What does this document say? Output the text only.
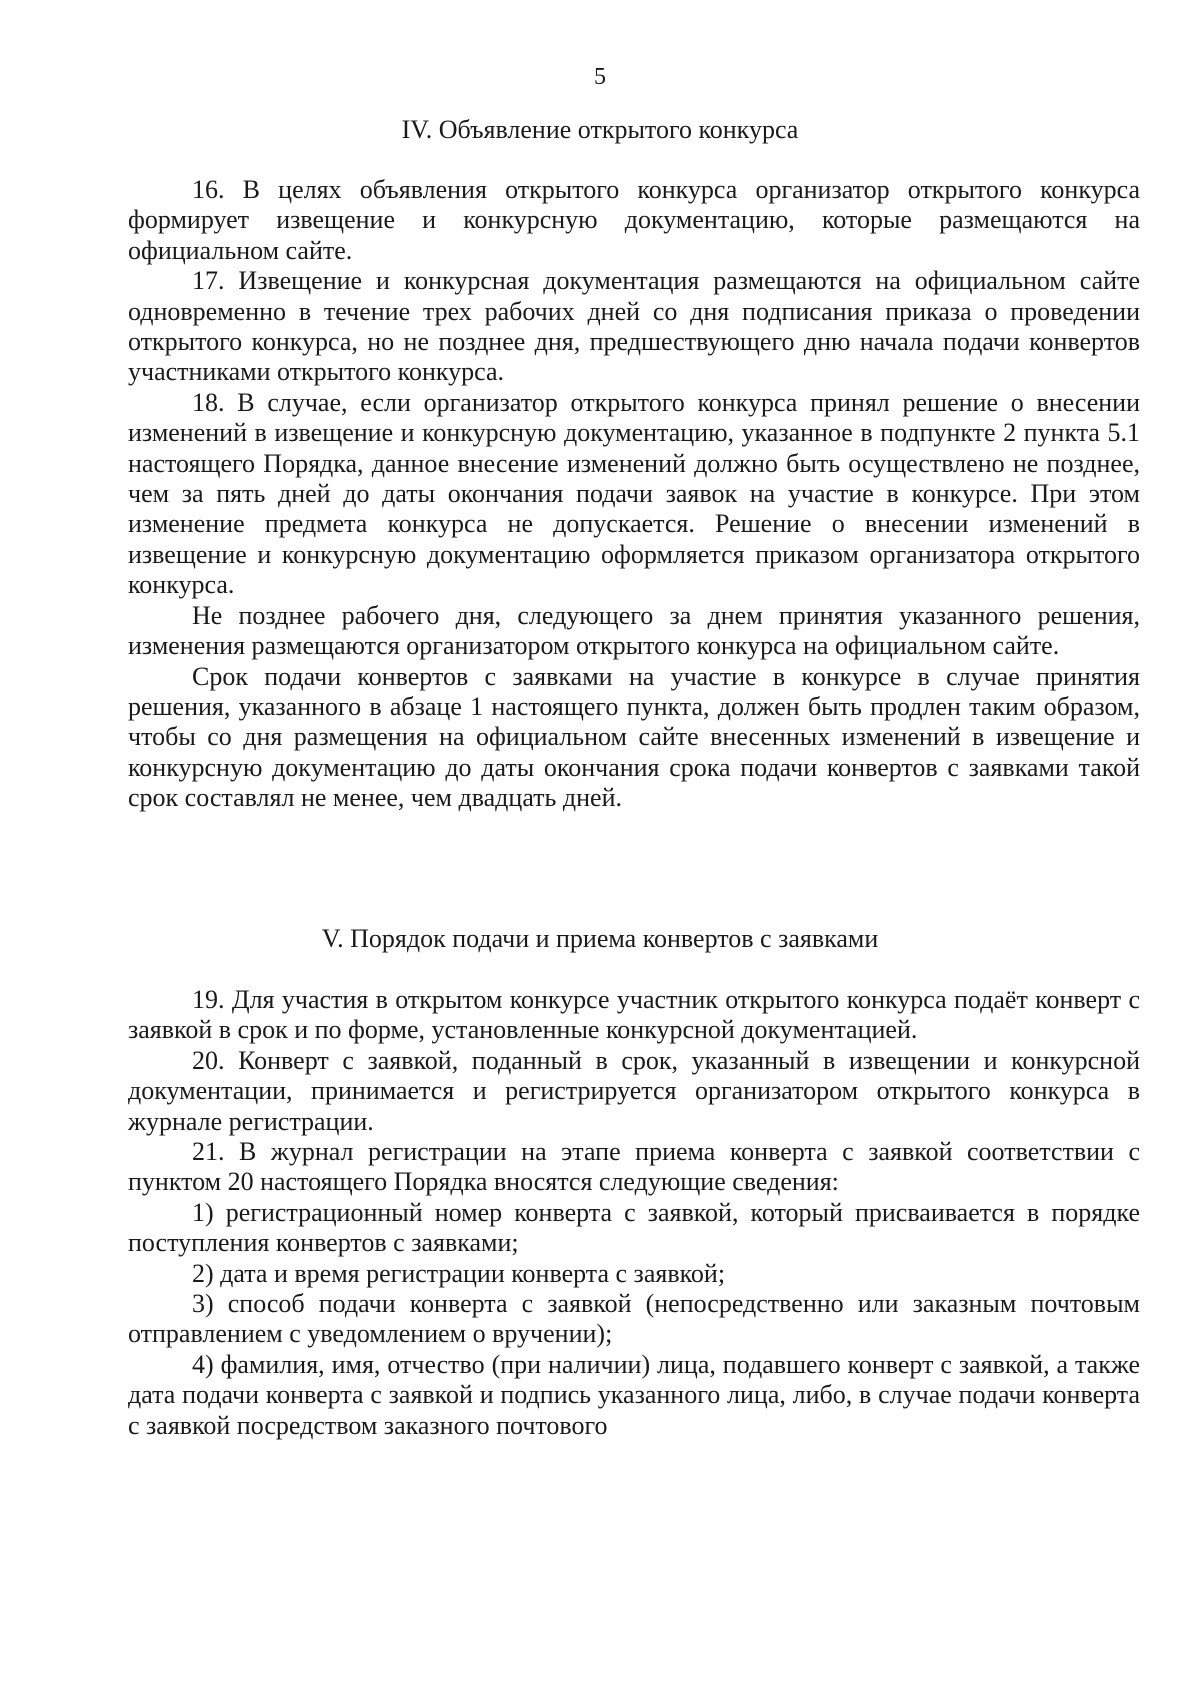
5
IV. Объявление открытого конкурса

16. В целях объявления открытого конкурса организатор открытого конкурса формирует извещение и конкурсную документацию, которые размещаются на официальном сайте.

17. Извещение и конкурсная документация размещаются на официальном сайте одновременно в течение трех рабочих дней со дня подписания приказа о проведении открытого конкурса, но не позднее дня, предшествующего дню начала подачи конвертов участниками открытого конкурса.

18. В случае, если организатор открытого конкурса принял решение о внесении изменений в извещение и конкурсную документацию, указанное в подпункте 2 пункта 5.1 настоящего Порядка, данное внесение изменений должно быть осуществлено не позднее, чем за пять дней до даты окончания подачи заявок на участие в конкурсе. При этом изменение предмета конкурса не допускается. Решение о внесении изменений в извещение и конкурсную документацию оформляется приказом организатора открытого конкурса.

Не позднее рабочего дня, следующего за днем принятия указанного решения, изменения размещаются организатором открытого конкурса на официальном сайте.

Срок подачи конвертов с заявками на участие в конкурсе в случае принятия решения, указанного в абзаце 1 настоящего пункта, должен быть продлен таким образом, чтобы со дня размещения на официальном сайте внесенных изменений в извещение и конкурсную документацию до даты окончания срока подачи конвертов с заявками такой срок составлял не менее, чем двадцать дней.

V. Порядок подачи и приема конвертов с заявками

19. Для участия в открытом конкурсе участник открытого конкурса подаёт конверт с заявкой в срок и по форме, установленные конкурсной документацией.

20. Конверт с заявкой, поданный в срок, указанный в извещении и конкурсной документации, принимается и регистрируется организатором открытого конкурса в журнале регистрации.

21. В журнал регистрации на этапе приема конверта с заявкой соответствии с пунктом 20 настоящего Порядка вносятся следующие сведения:

1) регистрационный номер конверта с заявкой, который присваивается в порядке поступления конвертов с заявками;

2) дата и время регистрации конверта с заявкой;

3) способ подачи конверта с заявкой (непосредственно или заказным почтовым отправлением с уведомлением о вручении);

4) фамилия, имя, отчество (при наличии) лица, подавшего конверт с заявкой, а также дата подачи конверта с заявкой и подпись указанного лица, либо, в случае подачи конверта с заявкой посредством заказного почтового
